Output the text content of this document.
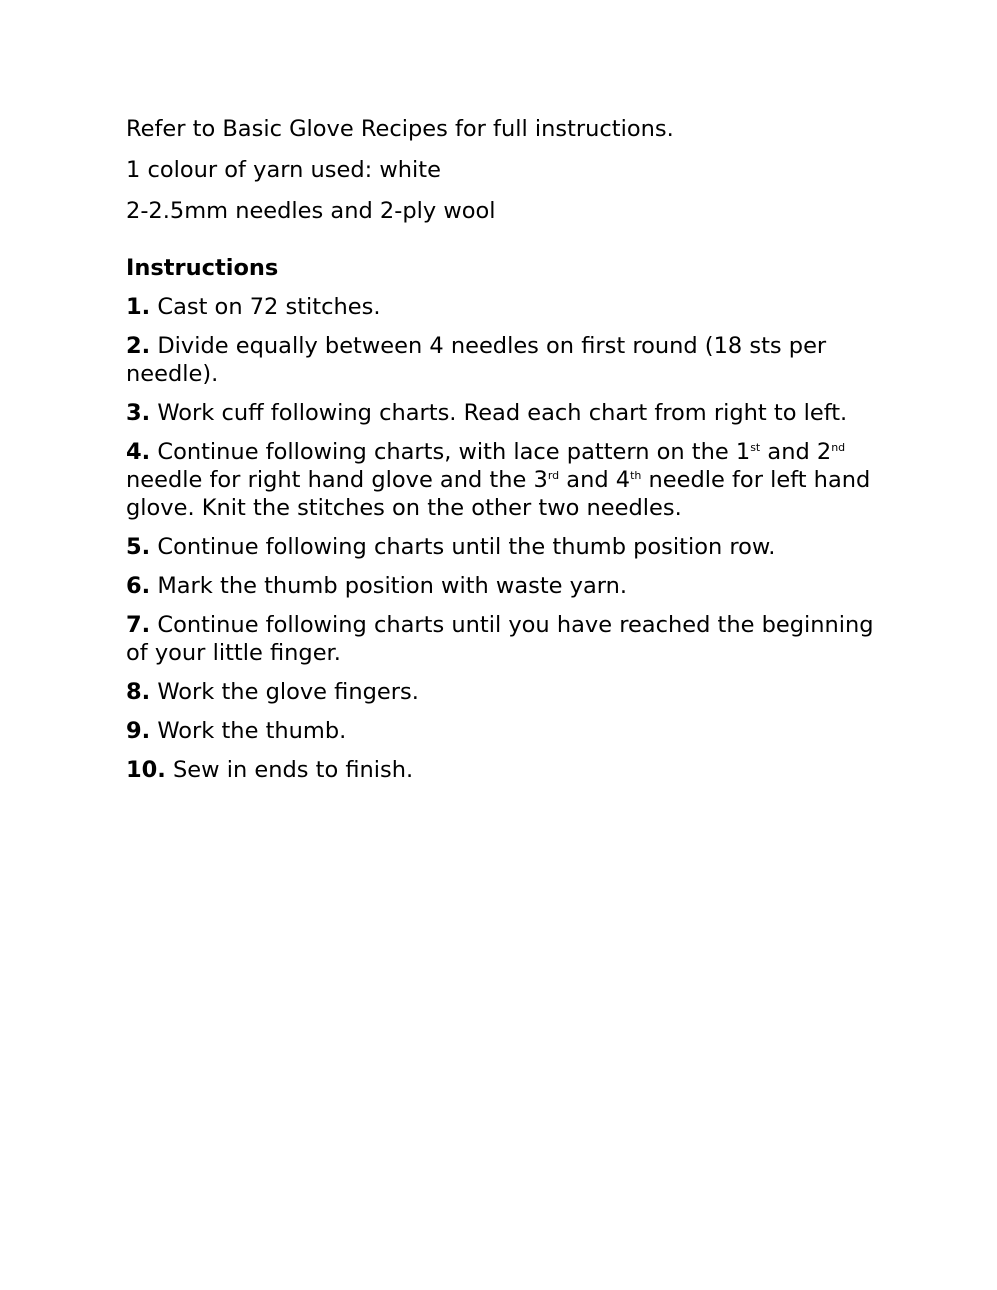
Refer to Basic Glove Recipes for full instructions.

1 colour of yarn used: white

2-2.5mm needles and 2-ply wool

Instructions
1. Cast on 72 stitches.
2. Divide equally between 4 needles on first round (18 sts per needle).
3. Work cuff following charts. Read each chart from right to left.
4. Continue following charts, with lace pattern on the 1st and 2nd needle for right hand glove and the 3rd and 4th needle for left hand glove. Knit the stitches on the other two needles.
5. Continue following charts until the thumb position row.
6. Mark the thumb position with waste yarn.
7. Continue following charts until you have reached the beginning of your little finger.
8. Work the glove fingers.
9. Work the thumb.
10. Sew in ends to finish.
